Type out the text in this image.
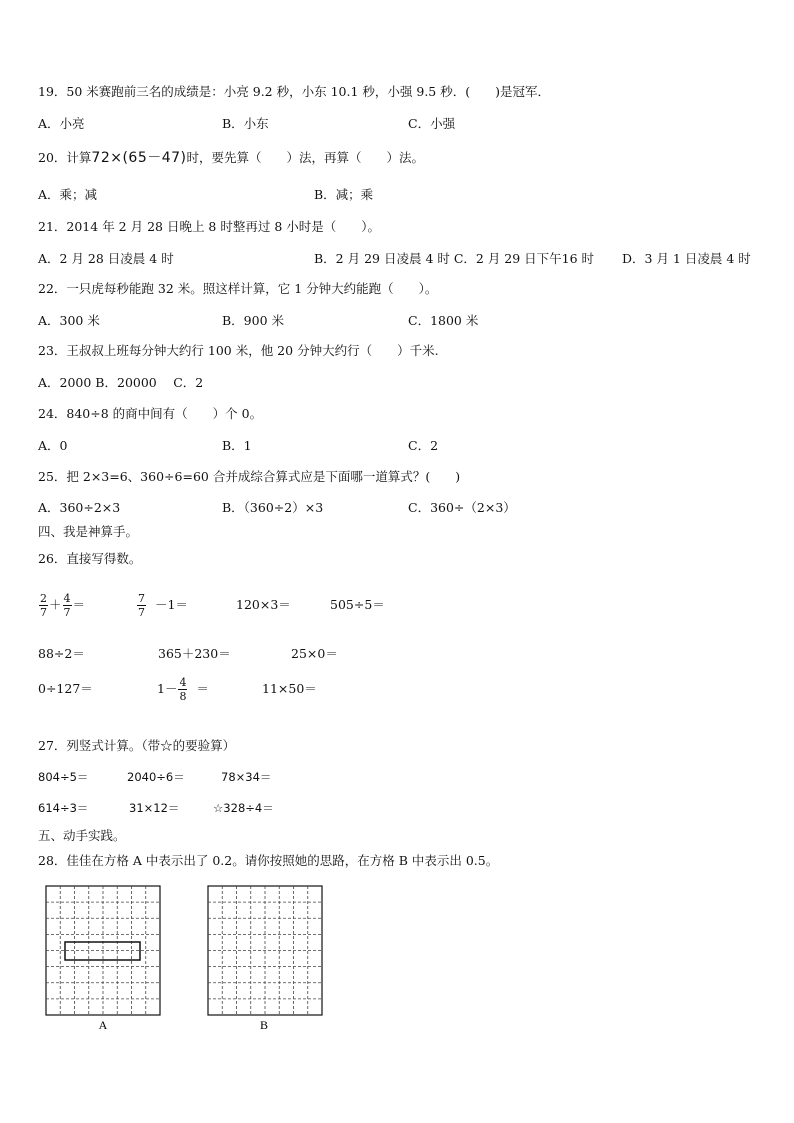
19．50 米赛跑前三名的成绩是：小亮 9.2 秒，小东 10.1 秒，小强 9.5 秒．(　　)是冠军．
A．小亮	B．小东	C．小强
20．计算72×(65－47)时，要先算（　　）法，再算（　　）法。
A．乘；减	B．减；乘
21．2014 年 2 月 28 日晚上 8 时整再过 8 小时是（　　）。
A．2 月 28 日凌晨 4 时	B．2 月 29 日凌晨 4 时 C．2 月 29 日下午16 时 D．3 月 1 日凌晨 4 时
22．一只虎每秒能跑 32 米。照这样计算，它 1 分钟大约能跑（　　）。
A．300 米	B．900 米	C．1800 米
23．王叔叔上班每分钟大约行 100 米，他 20 分钟大约行（　　）千米.
A．2000 B．20000　 C．2
24．840÷8 的商中间有（　　）个 0。
A．0	B．1	C．2
25．把 2×3=6、360÷6=60 合并成综合算式应是下面哪一道算式？(　　)
A．360÷2×3	B．（360÷2）×3	C．360÷（2×3）
四、我是神算手。
26．直接写得数。
$\frac{2}{7} + \frac{4}{7}$ ＝	$\frac{7}{7} -1=$	120×3＝	505÷5＝
88÷2＝	365＋230＝	25×0＝
0÷127＝	$1- \frac{4}{8}$ ＝	11×50＝
27．列竖式计算。（带☆的要验算）
804÷5＝	2040÷6＝	78×34＝
614÷3＝	31×12＝	☆328÷4＝
五、动手实践。
28．佳佳在方格 A 中表示出了 0.2。请你按照她的思路，在方格 B 中表示出 0.5。
A	B
